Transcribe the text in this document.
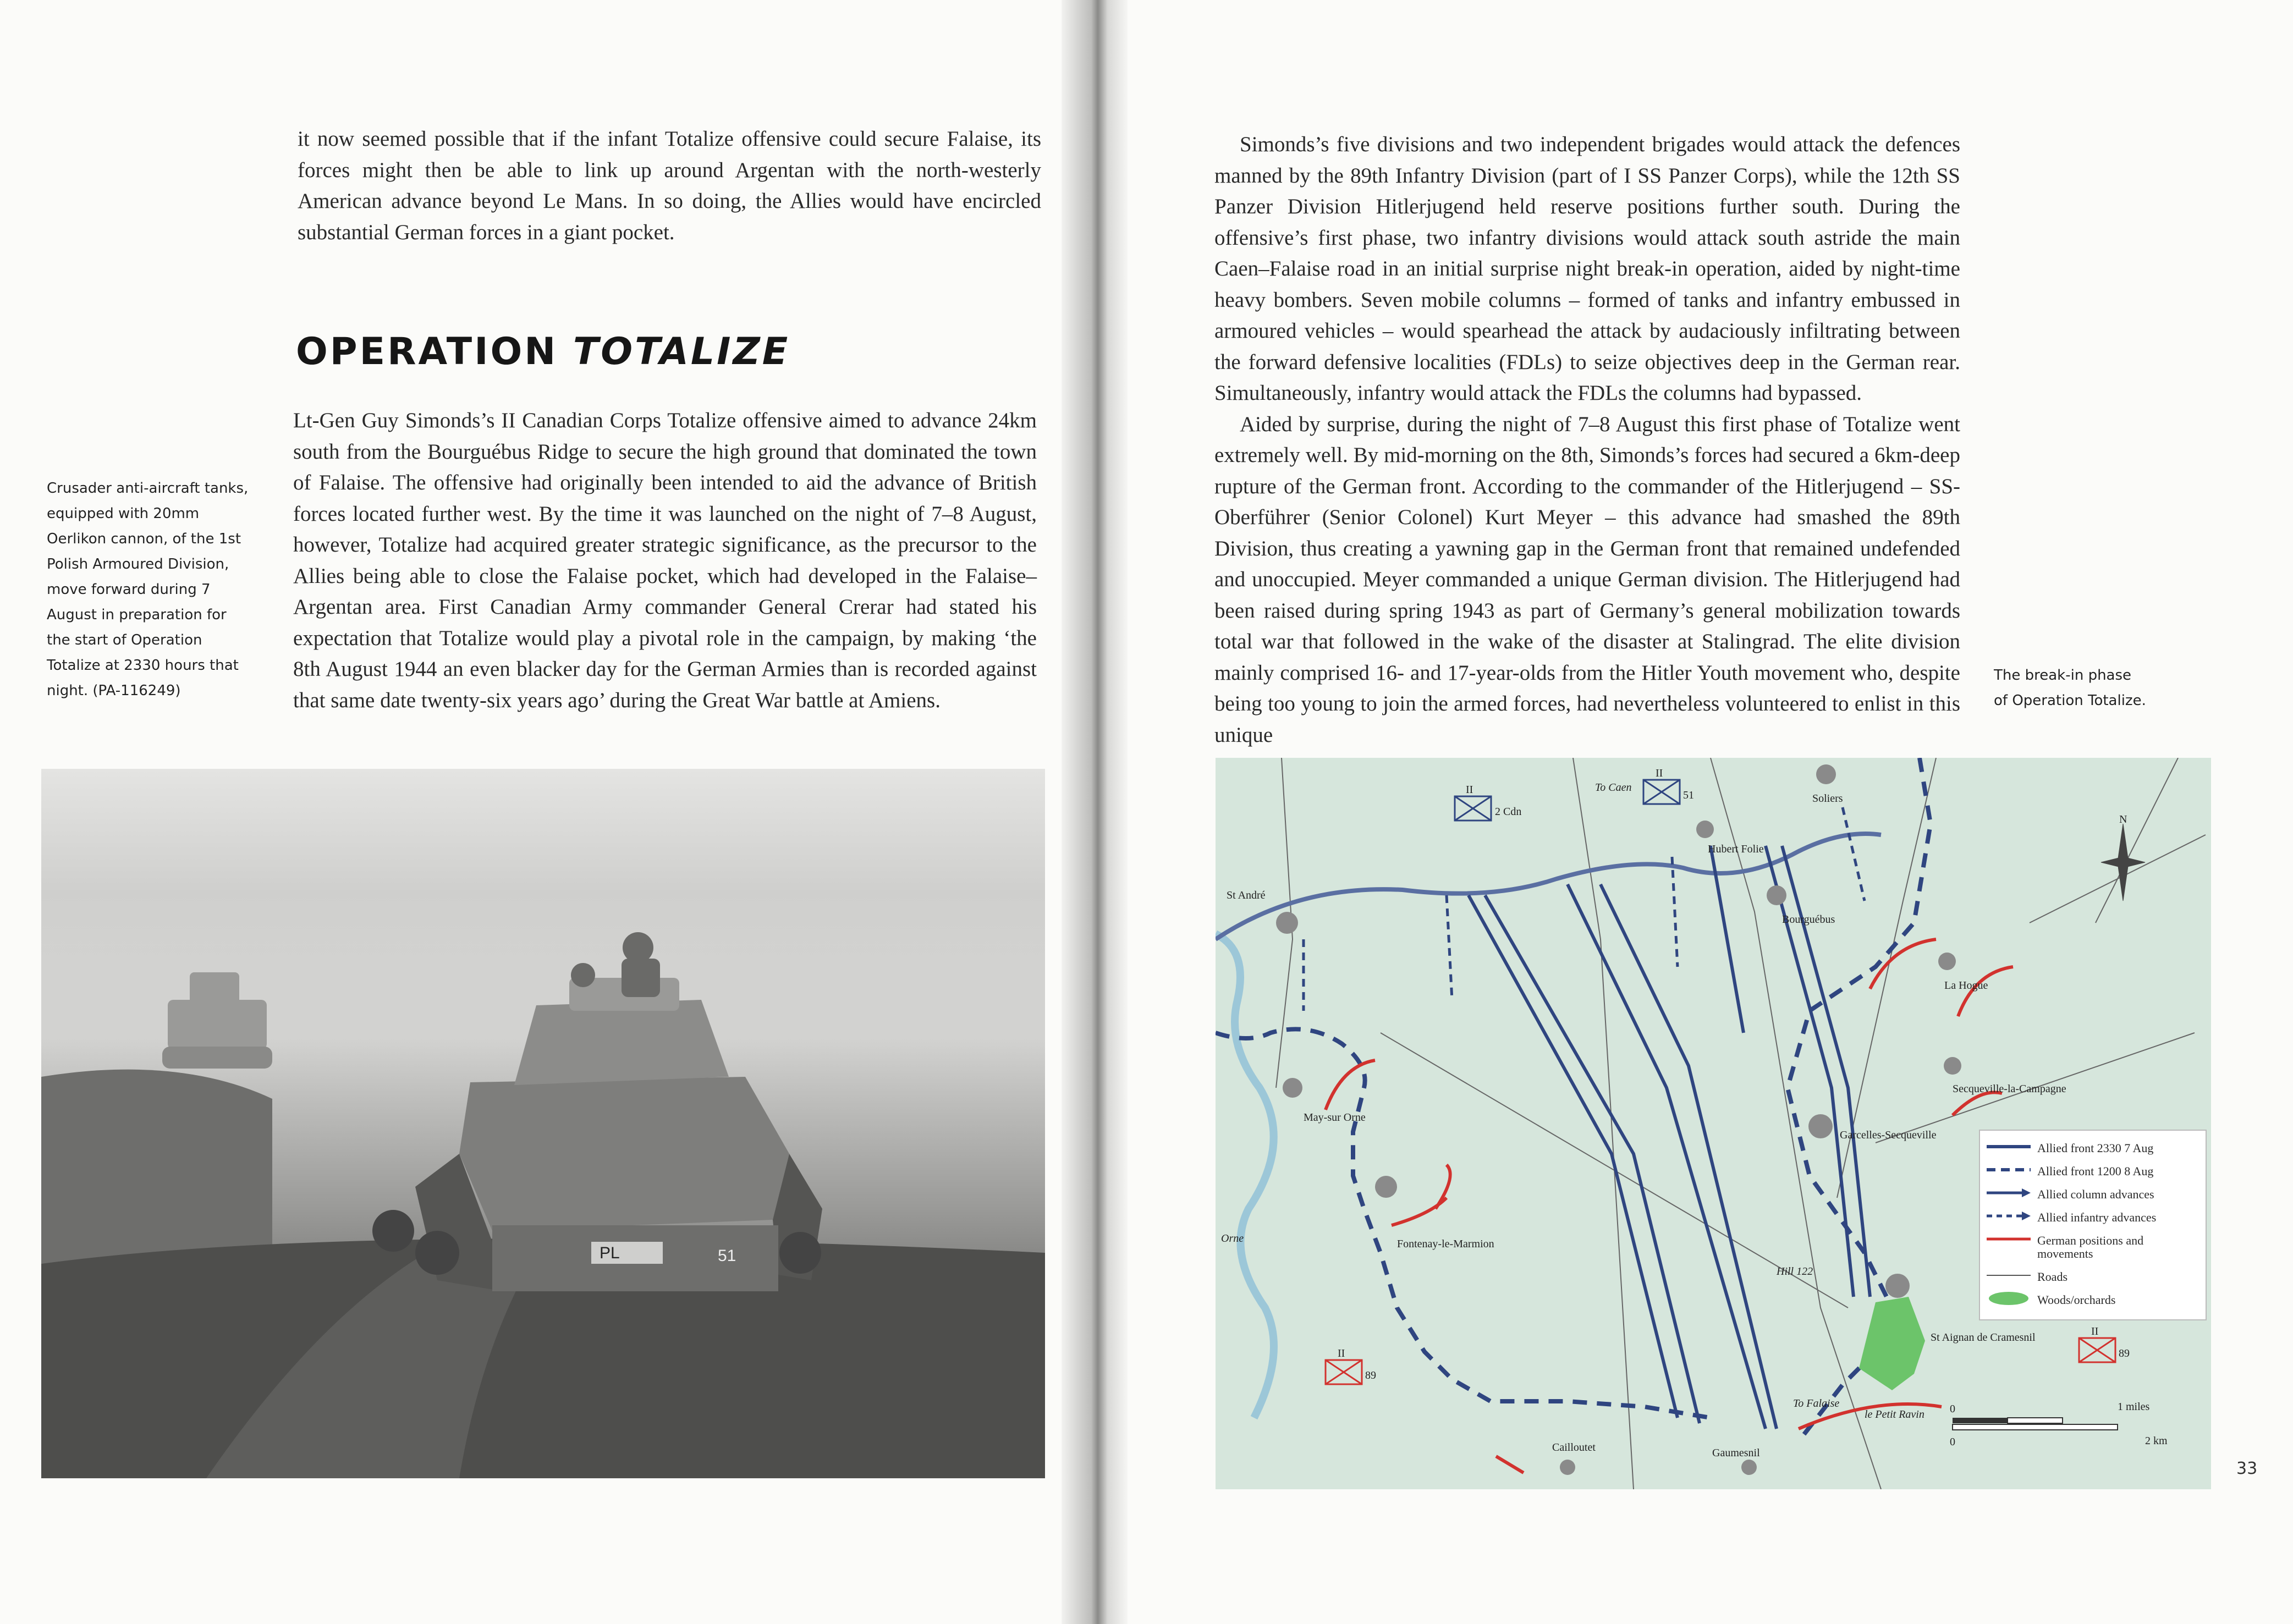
it now seemed possible that if the infant Totalize offensive could secure Falaise, its forces might then be able to link up around Argentan with the north-westerly American advance beyond Le Mans. In so doing, the Allies would have encircled substantial German forces in a giant pocket.

OPERATION TOTALIZE

Lt-Gen Guy Simonds’s II Canadian Corps Totalize offensive aimed to advance 24km south from the Bourguébus Ridge to secure the high ground that dominated the town of Falaise. The offensive had originally been intended to aid the advance of British forces located further west. By the time it was launched on the night of 7–8 August, however, Totalize had acquired greater strategic significance, as the precursor to the Allies being able to close the Falaise pocket, which had developed in the Falaise–Argentan area. First Canadian Army commander General Crerar had stated his expectation that Totalize would play a pivotal role in the campaign, by making ‘the 8th August 1944 an even blacker day for the German Armies than is recorded against that same date twenty-six years ago’ during the Great War battle at Amiens.

Crusader anti-aircraft tanks, equipped with 20mm Oerlikon cannon, of the 1st Polish Armoured Division, move forward during 7 August in preparation for the start of Operation Totalize at 2330 hours that night. (PA-116249)

PL	51

Simonds’s five divisions and two independent brigades would attack the defences manned by the 89th Infantry Division (part of I SS Panzer Corps), while the 12th SS Panzer Division Hitlerjugend held reserve positions further south. During the offensive’s first phase, two infantry divisions would attack south astride the main Caen–Falaise road in an initial surprise night break-in operation, aided by night-time heavy bombers. Seven mobile columns – formed of tanks and infantry embussed in armoured vehicles – would spearhead the attack by audaciously infiltrating between the forward defensive localities (FDLs) to seize objectives deep in the German rear. Simultaneously, infantry would attack the FDLs the columns had bypassed.

Aided by surprise, during the night of 7–8 August this first phase of Totalize went extremely well. By mid-morning on the 8th, Simonds’s forces had secured a 6km-deep rupture of the German front. According to the commander of the Hitlerjugend – SS-Oberführer (Senior Colonel) Kurt Meyer – this advance had smashed the 89th Division, thus creating a yawning gap in the German front that remained undefended and unoccupied. Meyer commanded a unique German division. The Hitlerjugend had been raised during spring 1943 as part of Germany’s general mobilization towards total war that followed in the wake of the disaster at Stalingrad. The elite division mainly comprised 16- and 17-year-olds from the Hitler Youth movement who, despite being too young to join the armed forces, had nevertheless volunteered to enlist in this unique

The break-in phase of Operation Totalize.

II
2 Cdn
II
51
II
89
II
89
St André
Soliers
Hubert Folie
Bourguébus
La Hogue
Secqueville-la-Campagne
May-sur Orne
Garcelles-Secqueville
Fontenay-le-Marmion
Hill 122
St Aignan de Cramesnil
Cailloutet	Gaumesnil
le Petit Ravin
To Falaise
To Caen
Orne
N
0	1 miles
0	2 km
Allied front 2330 7 Aug
Allied front 1200 8 Aug
Allied column advances
Allied infantry advances
German positions and movements
Roads
Woods/orchards
33
